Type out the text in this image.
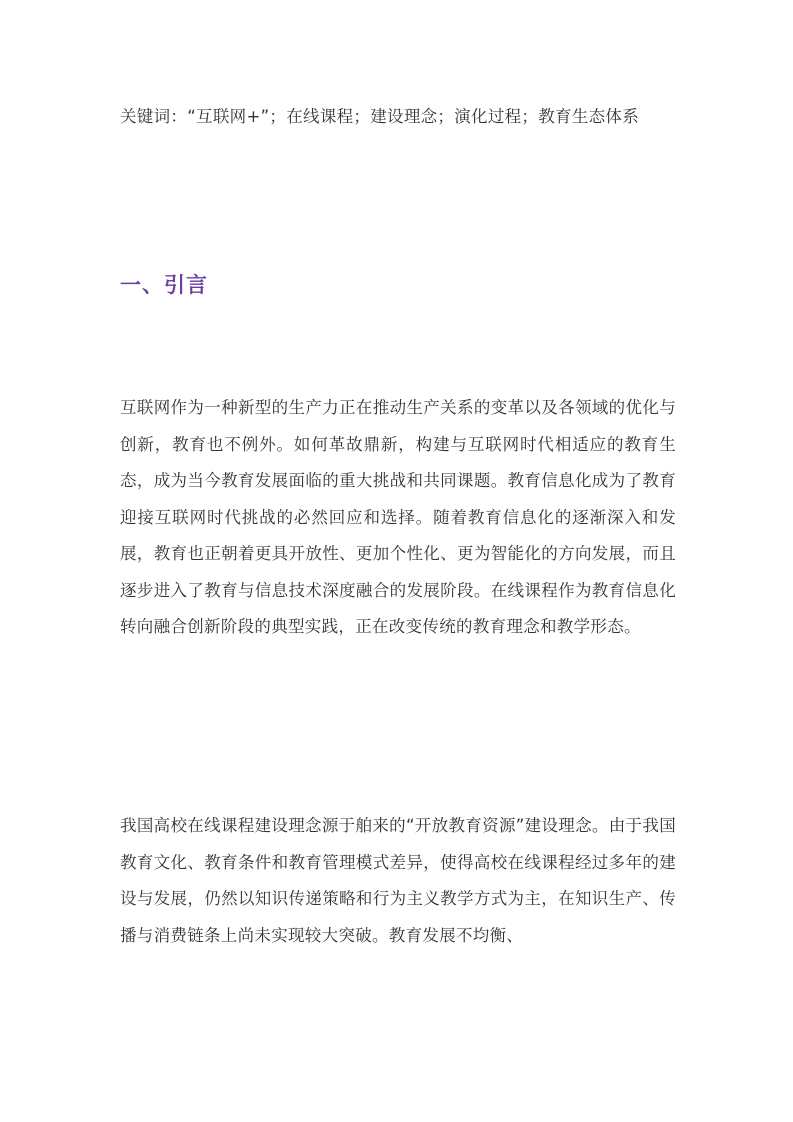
关键词：“互联网+”；在线课程；建设理念；演化过程；教育生态体系

一、引言

互联网作为一种新型的生产力正在推动生产关系的变革以及各领域的优化与创新，教育也不例外。如何革故鼎新，构建与互联网时代相适应的教育生态，成为当今教育发展面临的重大挑战和共同课题。教育信息化成为了教育迎接互联网时代挑战的必然回应和选择。随着教育信息化的逐渐深入和发展，教育也正朝着更具开放性、更加个性化、更为智能化的方向发展，而且逐步进入了教育与信息技术深度融合的发展阶段。在线课程作为教育信息化转向融合创新阶段的典型实践，正在改变传统的教育理念和教学形态。

我国高校在线课程建设理念源于舶来的“开放教育资源”建设理念。由于我国教育文化、教育条件和教育管理模式差异，使得高校在线课程经过多年的建设与发展，仍然以知识传递策略和行为主义教学方式为主，在知识生产、传播与消费链条上尚未实现较大突破。教育发展不均衡、
